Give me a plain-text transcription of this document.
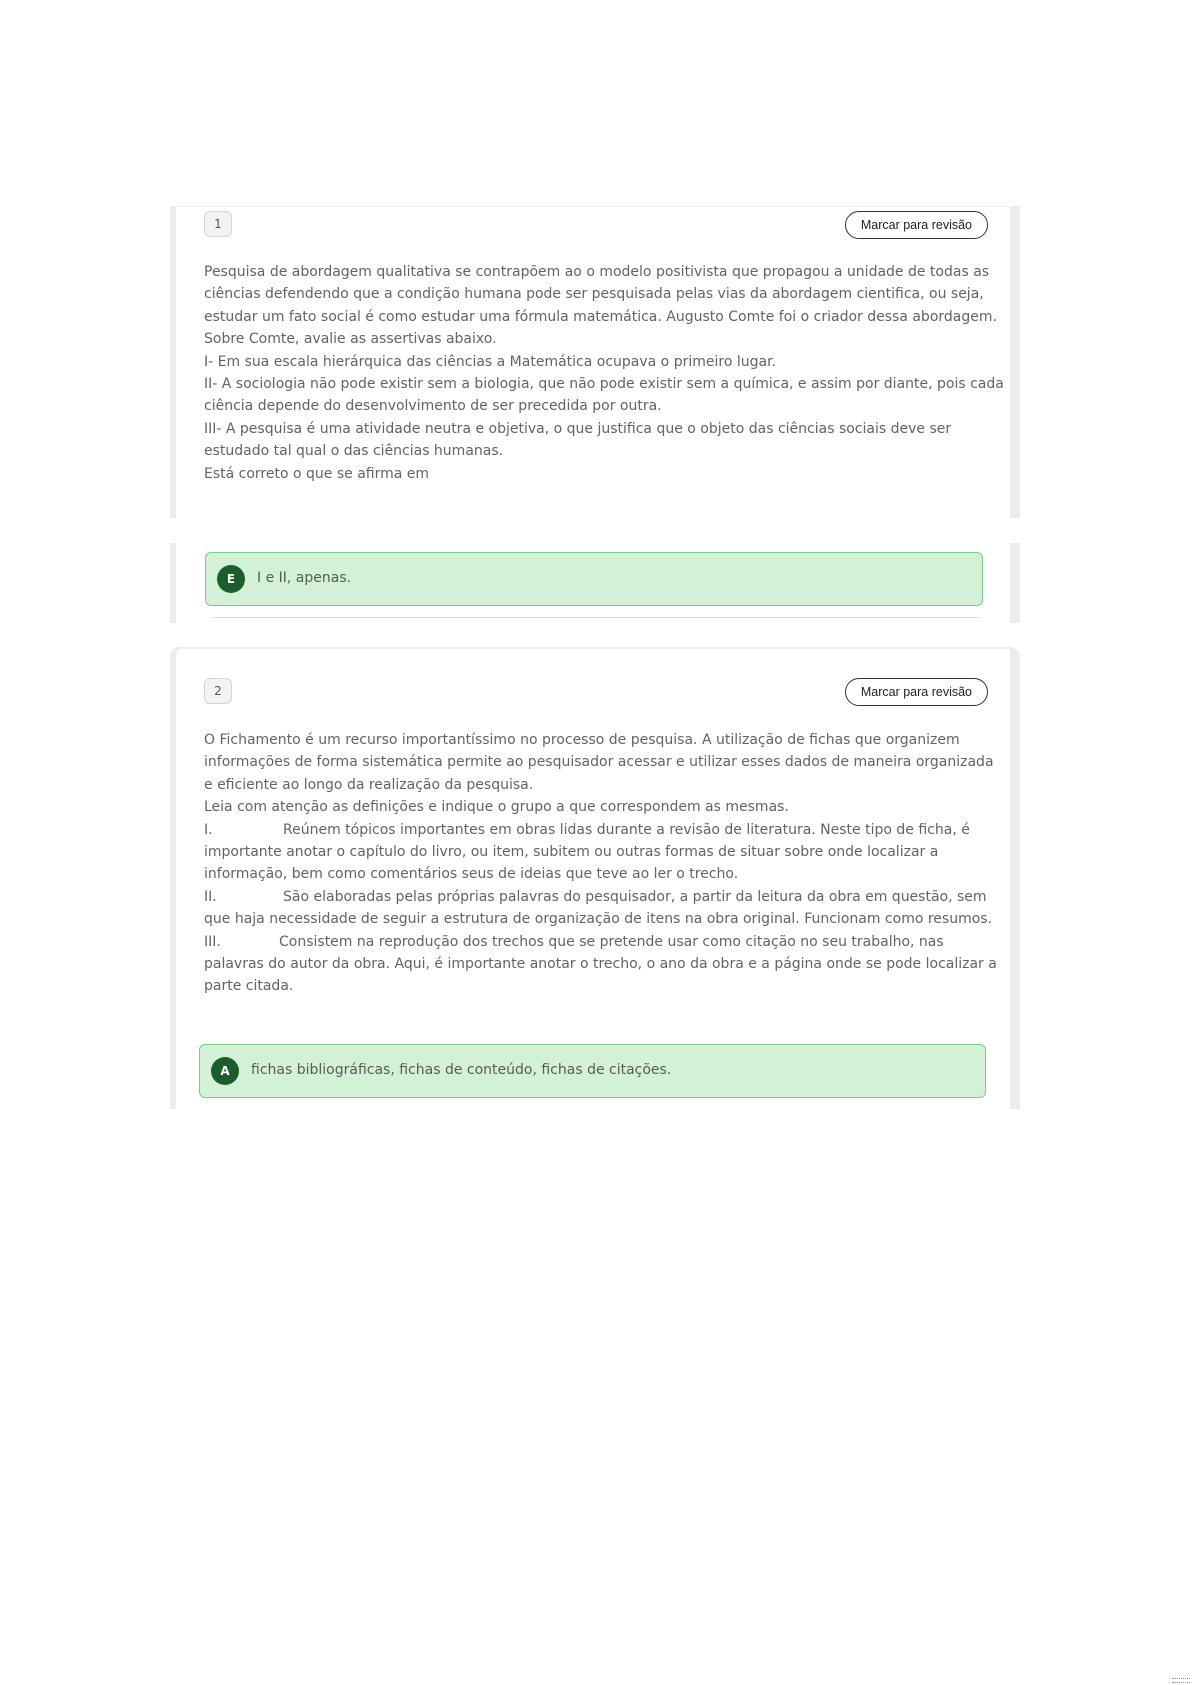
1	Marcar para revisão

Pesquisa de abordagem qualitativa se contrapõem ao o modelo positivista que propagou a unidade de todas as ciências defendendo que a condição humana pode ser pesquisada pelas vias da abordagem cientifica, ou seja, estudar um fato social é como estudar uma fórmula matemática. Augusto Comte foi o criador dessa abordagem.

Sobre Comte, avalie as assertivas abaixo.

I- Em sua escala hierárquica das ciências a Matemática ocupava o primeiro lugar.

II- A sociologia não pode existir sem a biologia, que não pode existir sem a química, e assim por diante, pois cada ciência depende do desenvolvimento de ser precedida por outra.

III- A pesquisa é uma atividade neutra e objetiva, o que justifica que o objeto das ciências sociais deve ser estudado tal qual o das ciências humanas.

Está correto o que se afirma em

E	I e II, apenas.
2	Marcar para revisão

O Fichamento é um recurso importantíssimo no processo de pesquisa. A utilização de fichas que organizem informações de forma sistemática permite ao pesquisador acessar e utilizar esses dados de maneira organizada e eficiente ao longo da realização da pesquisa.

Leia com atenção as definições e indique o grupo a que correspondem as mesmas.

I.	Reúnem tópicos importantes em obras lidas durante a revisão de literatura. Neste tipo de ficha, é importante anotar o capítulo do livro, ou item, subitem ou outras formas de situar sobre onde localizar a informação, bem como comentários seus de ideias que teve ao ler o trecho.

II.	São elaboradas pelas próprias palavras do pesquisador, a partir da leitura da obra em questão, sem que haja necessidade de seguir a estrutura de organização de itens na obra original. Funcionam como resumos.

III.	Consistem na reprodução dos trechos que se pretende usar como citação no seu trabalho, nas palavras do autor da obra. Aqui, é importante anotar o trecho, o ano da obra e a página onde se pode localizar a parte citada.

A	fichas bibliográficas, fichas de conteúdo, fichas de citações.
